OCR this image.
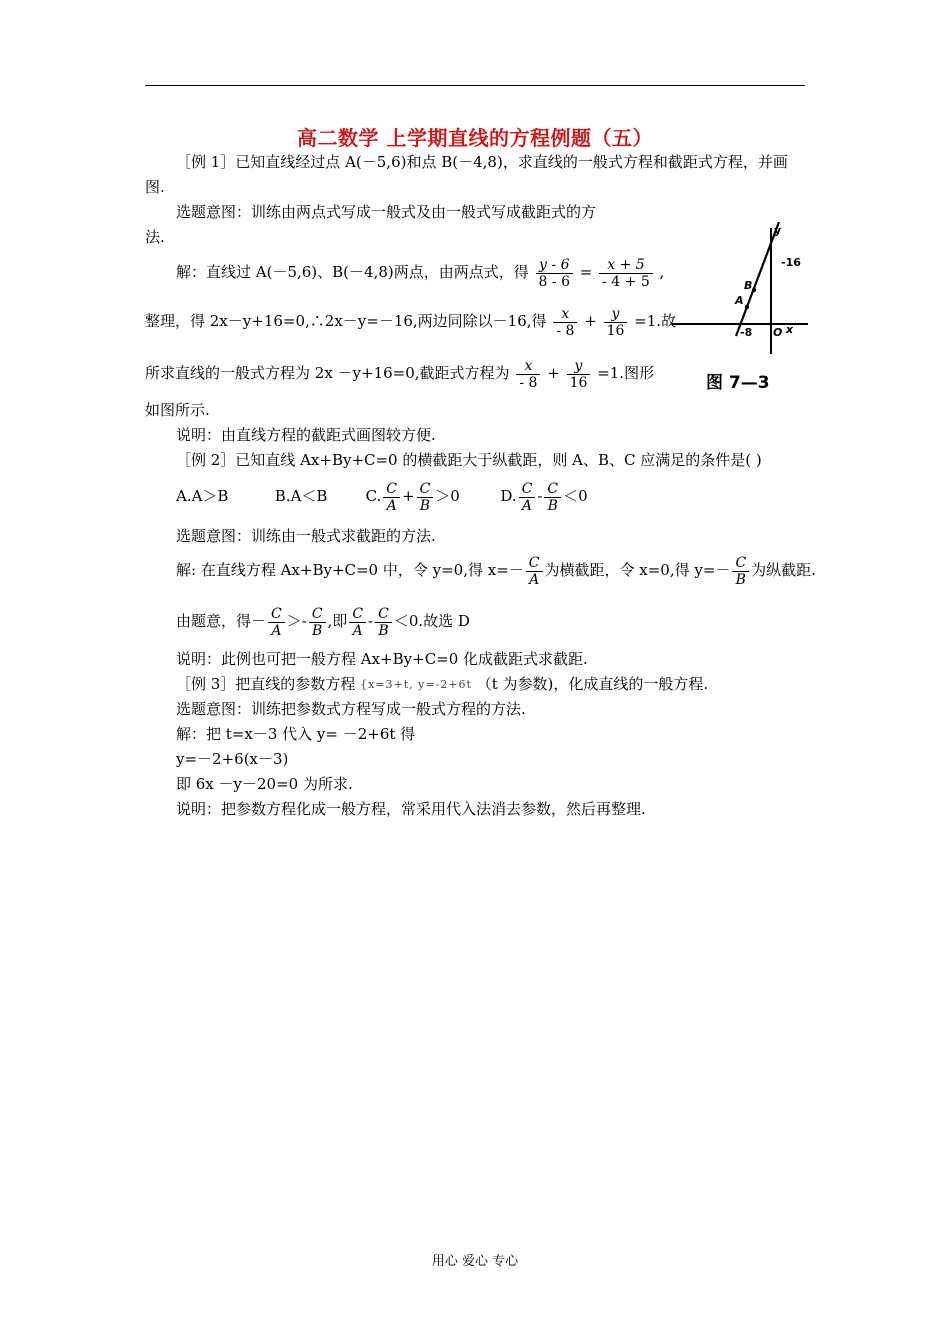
高二数学 上学期直线的方程例题（五）
［例 1］已知直线经过点 A(－5,6)和点 B(－4,8)，求直线的一般式方程和截距式方程，并画
图.
选题意图：训练由两点式写成一般式及由一般式写成截距式的方
法.
解：直线过 A(－5,6)、B(－4,8)两点，由两点式，得 $\frac{y - 6}{8 - 6} = \frac{x + 5}{- 4 + 5}$ ,
整理，得 2x－y+16=0,∴2x－y=－16,两边同除以－16,得 $\frac{x}{- 8} + \frac{y}{16} =1$.故
所求直线的一般式方程为 2x －y+16=0,截距式方程为 $\frac{x}{- 8} + \frac{y}{16} =1$.图形
如图所示.
说明：由直线方程的截距式画图较方便.
y
-16
B
A
-8 O x
图 7—3
［例 2］已知直线 Ax+By+C=0 的横截距大于纵截距，则 A、B、C 应满足的条件是( )
A.A＞B	B.A＜B	C. $\frac{C}{A} + \frac{C}{B} >0$	D. $\frac{C}{A} - \frac{C}{B} <0$
选题意图：训练由一般式求截距的方法.
解: 在直线方程 Ax+By+C=0 中，令 y=0,得 $x=- \frac{C}{A}$ 为横截距，令 x=0,得 $y=- \frac{C}{B}$ 为纵截距.
由题意，得－ $\frac{C}{A} >- \frac{C}{B}$ ,即 $\frac{C}{A} - \frac{C}{B} <0$.故选 D
说明：此例也可把一般方程 Ax+By+C=0 化成截距式求截距.
［例 3］把直线的参数方程 {x=3+t, y=-2+6t （t 为参数)，化成直线的一般方程.
选题意图：训练把参数式方程写成一般式方程的方法.
解：把 t=x－3 代入 y= －2+6t 得
y=－2+6(x－3)
即 6x －y－20=0 为所求.
说明：把参数方程化成一般方程，常采用代入法消去参数，然后再整理.
用心 爱心 专心
